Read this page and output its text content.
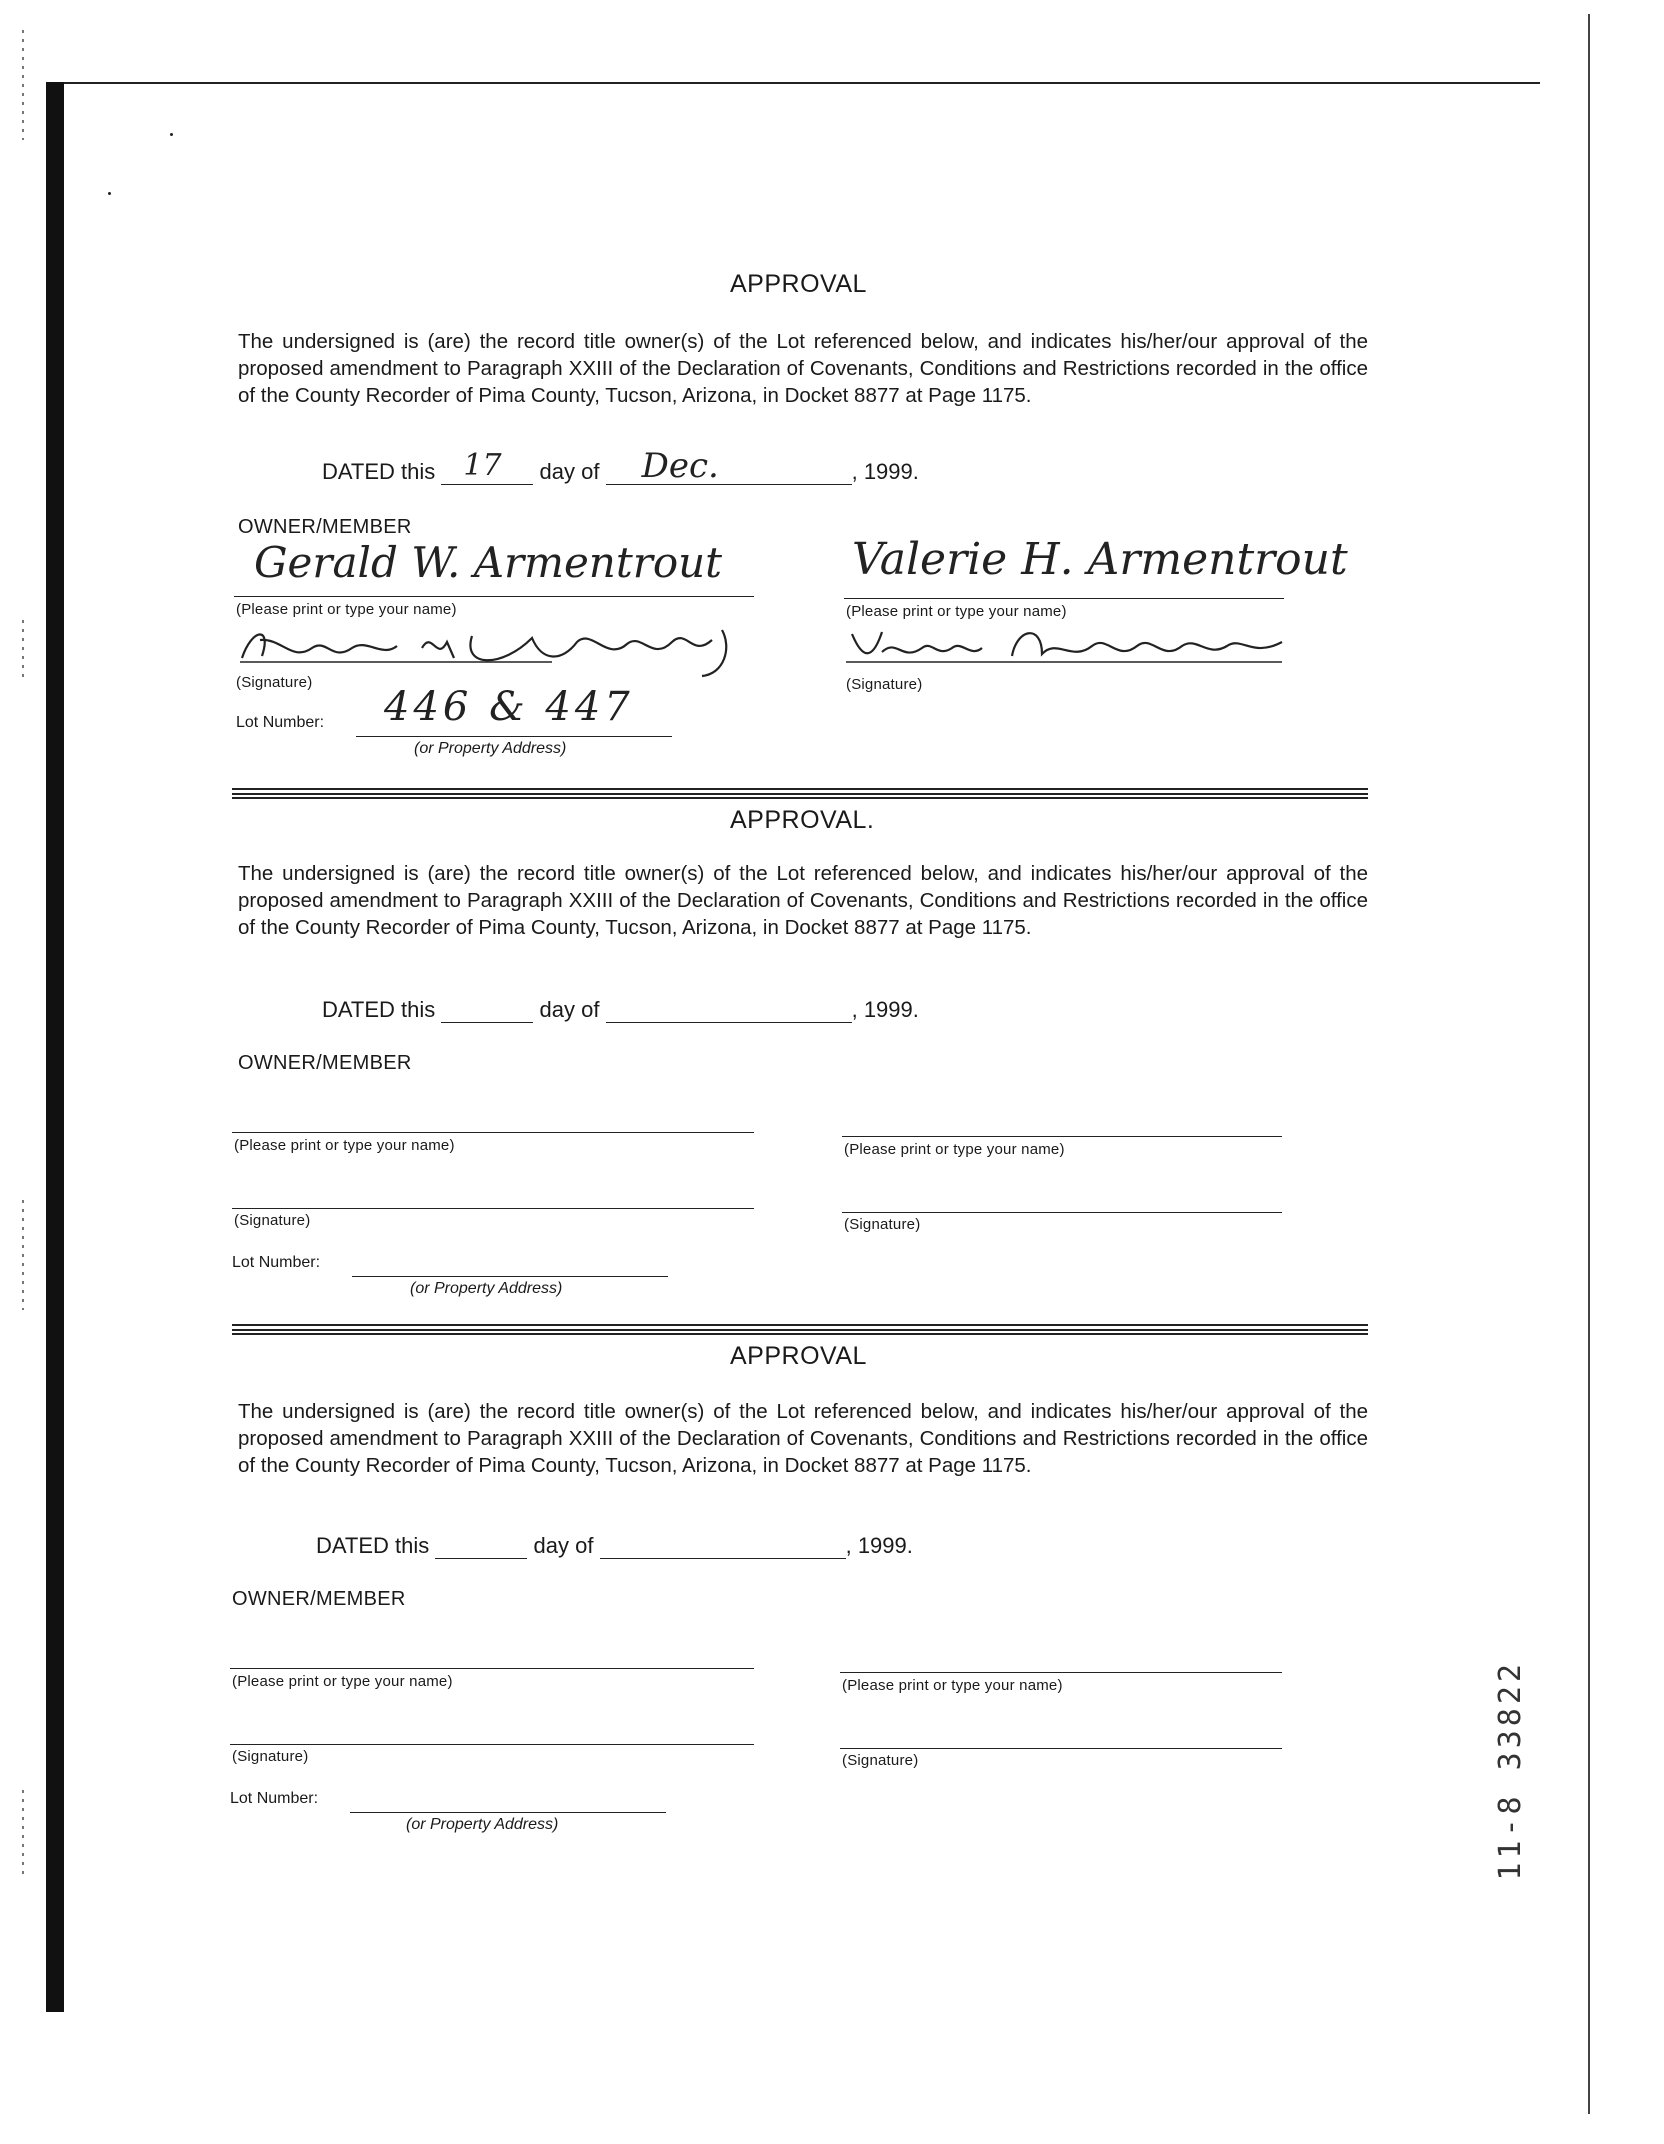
APPROVAL
The undersigned is (are) the record title owner(s) of the Lot referenced below, and indicates his/her/our approval of the proposed amendment to Paragraph XXIII of the Declaration of Covenants, Conditions and Restrictions recorded in the office of the County Recorder of Pima County, Tucson, Arizona, in Docket 8877 at Page 1175.
DATED this 17 day of Dec.	, 1999.
OWNER/MEMBER
Gerald W. Armentrout
(Please print or type your name)
Valerie H. Armentrout
(Please print or type your name)
(Signature)	(Signature)
Lot Number: 446 & 447
(or Property Address)
APPROVAL.
The undersigned is (are) the record title owner(s) of the Lot referenced below, and indicates his/her/our approval of the proposed amendment to Paragraph XXIII of the Declaration of Covenants, Conditions and Restrictions recorded in the office of the County Recorder of Pima County, Tucson, Arizona, in Docket 8877 at Page 1175.
DATED this	day of	, 1999.
OWNER/MEMBER
(Please print or type your name)	(Please print or type your name)
(Signature)	(Signature)
Lot Number:
(or Property Address)
APPROVAL
The undersigned is (are) the record title owner(s) of the Lot referenced below, and indicates his/her/our approval of the proposed amendment to Paragraph XXIII of the Declaration of Covenants, Conditions and Restrictions recorded in the office of the County Recorder of Pima County, Tucson, Arizona, in Docket 8877 at Page 1175.
DATED this	day of	, 1999.
OWNER/MEMBER
(Please print or type your name)	(Please print or type your name)
(Signature)	(Signature)
Lot Number:
(or Property Address)	11-8 33822
